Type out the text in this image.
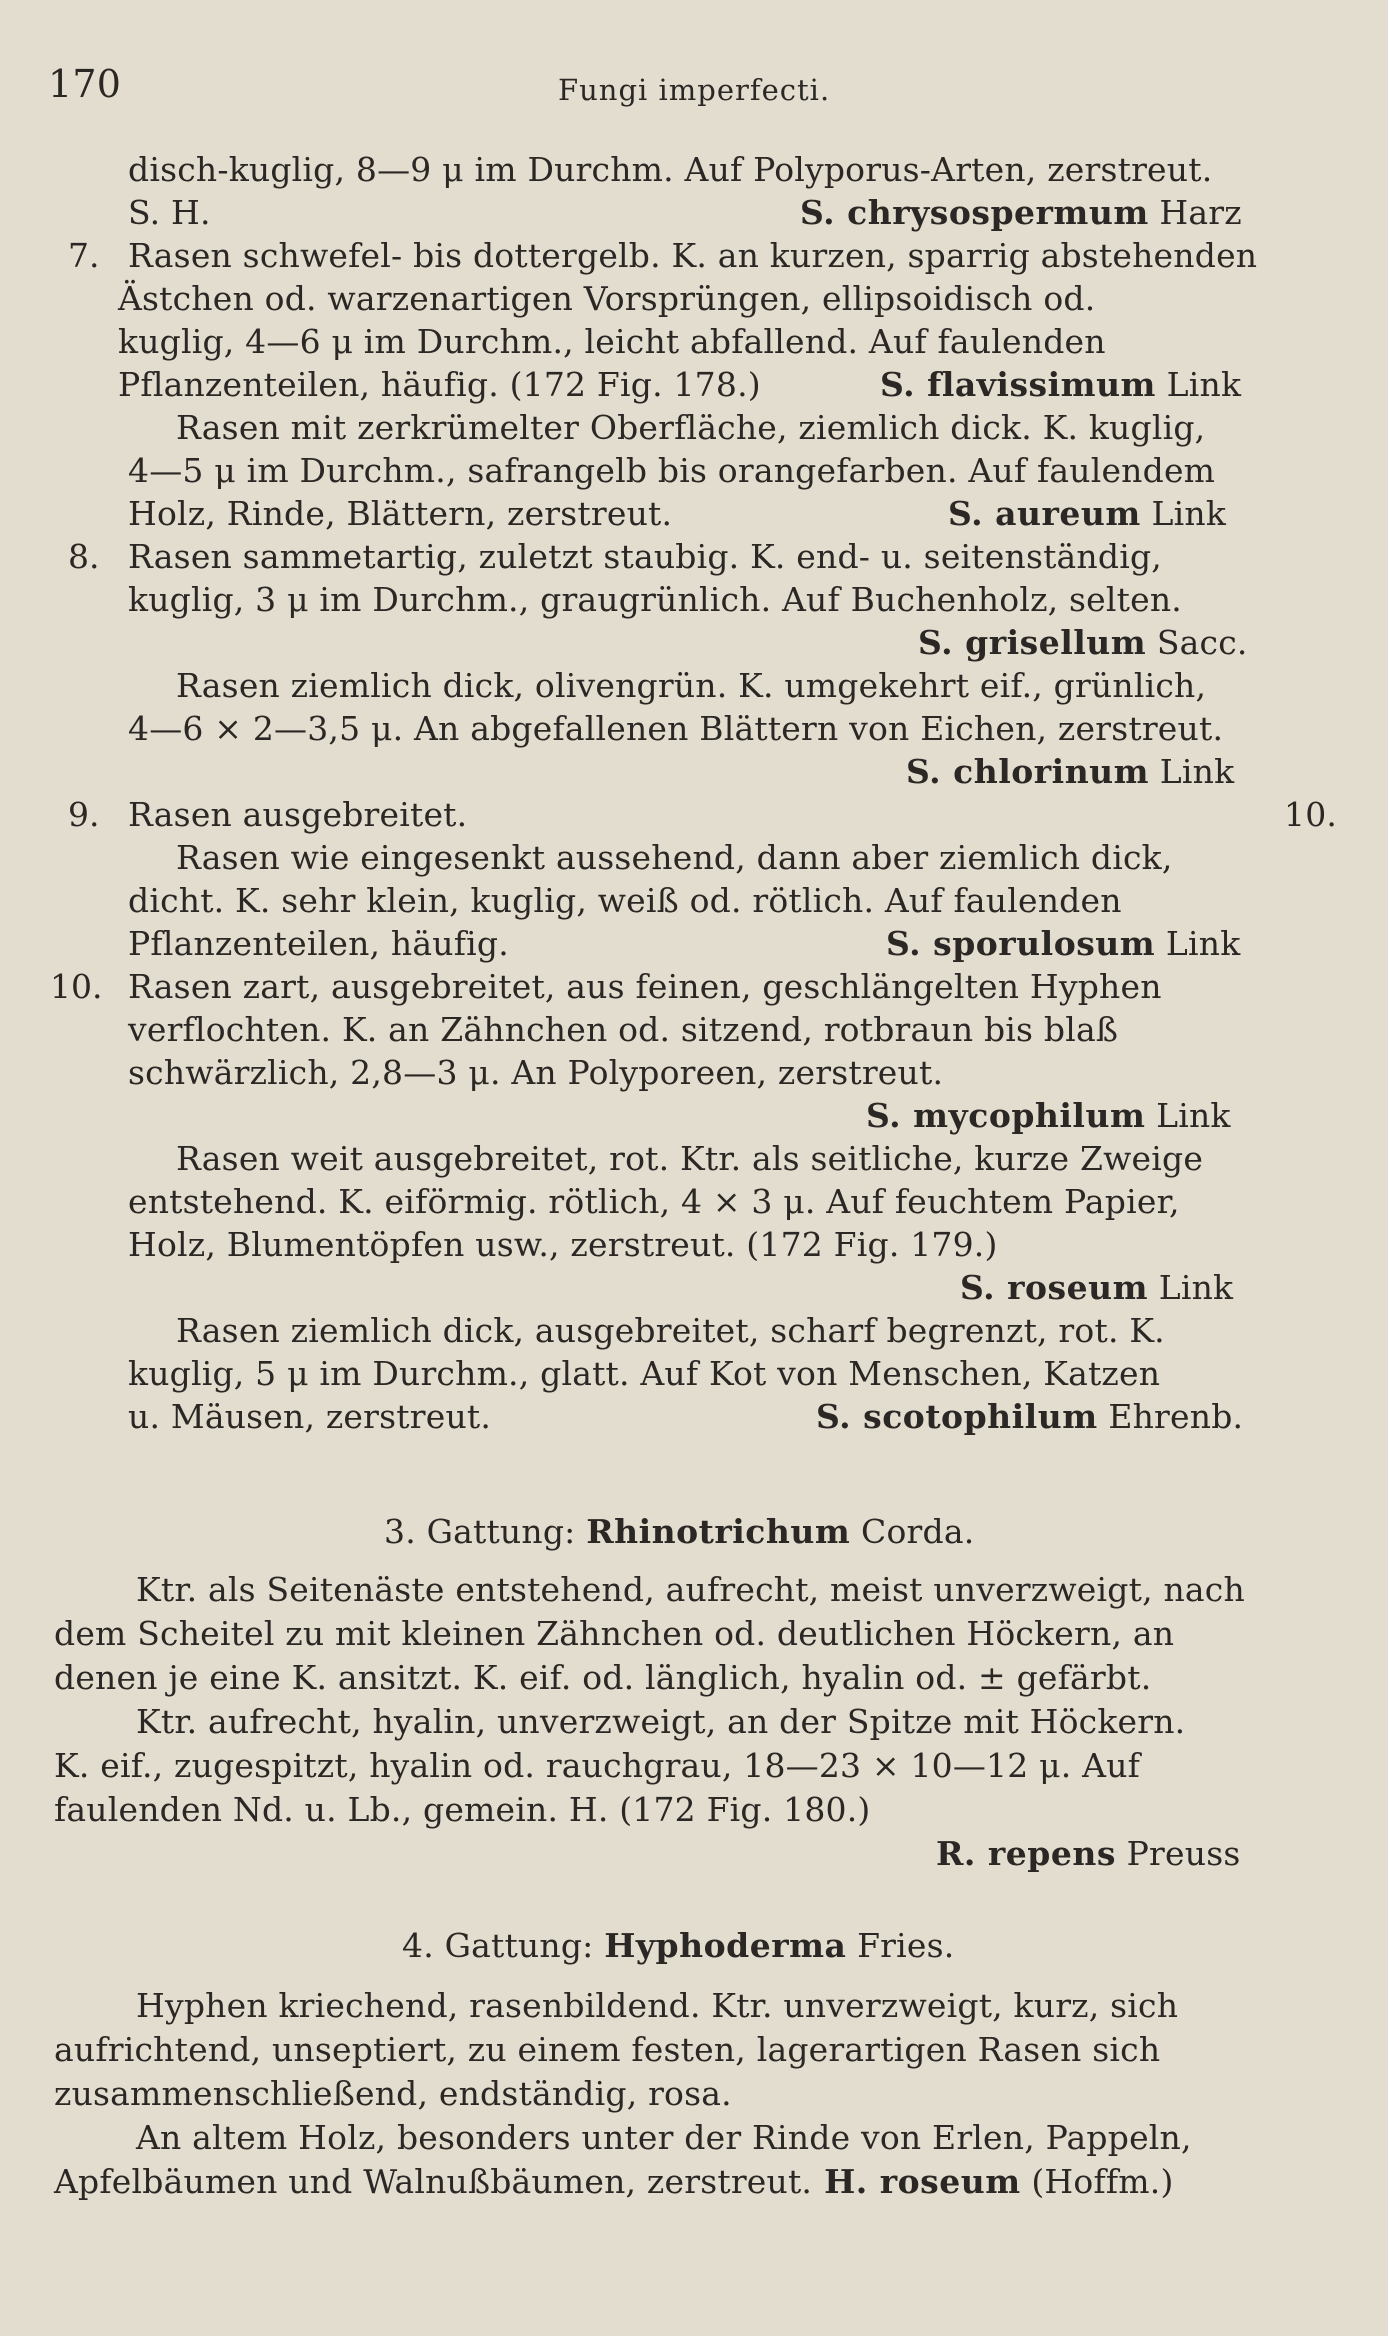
170	Fungi imperfecti.
disch-kuglig, 8—9 μ im Durchm. Auf Polyporus-Arten, zerstreut.
S. H.	S. chrysospermum Harz
7. Rasen schwefel- bis dottergelb. K. an kurzen, sparrig abstehenden
Ästchen od. warzenartigen Vorsprüngen, ellipsoidisch od.
kuglig, 4—6 μ im Durchm., leicht abfallend. Auf faulenden
Pflanzenteilen, häufig. (172 Fig. 178.)	S. flavissimum Link
Rasen mit zerkrümelter Oberfläche, ziemlich dick. K. kuglig,
4—5 μ im Durchm., safrangelb bis orangefarben. Auf faulendem
Holz, Rinde, Blättern, zerstreut.	S. aureum Link
8. Rasen sammetartig, zuletzt staubig. K. end- u. seitenständig,
kuglig, 3 μ im Durchm., graugrünlich. Auf Buchenholz, selten.
S. grisellum Sacc.
Rasen ziemlich dick, olivengrün. K. umgekehrt eif., grünlich,
4—6 × 2—3,5 μ. An abgefallenen Blättern von Eichen, zerstreut.
S. chlorinum Link
9. Rasen ausgebreitet.	10.
Rasen wie eingesenkt aussehend, dann aber ziemlich dick,
dicht. K. sehr klein, kuglig, weiß od. rötlich. Auf faulenden
Pflanzenteilen, häufig.	S. sporulosum Link
10. Rasen zart, ausgebreitet, aus feinen, geschlängelten Hyphen
verflochten. K. an Zähnchen od. sitzend, rotbraun bis blaß
schwärzlich, 2,8—3 μ. An Polyporeen, zerstreut.
S. mycophilum Link
Rasen weit ausgebreitet, rot. Ktr. als seitliche, kurze Zweige
entstehend. K. eiförmig. rötlich, 4 × 3 μ. Auf feuchtem Papier,
Holz, Blumentöpfen usw., zerstreut. (172 Fig. 179.)
S. roseum Link
Rasen ziemlich dick, ausgebreitet, scharf begrenzt, rot. K.
kuglig, 5 μ im Durchm., glatt. Auf Kot von Menschen, Katzen
u. Mäusen, zerstreut.	S. scotophilum Ehrenb.
3. Gattung: Rhinotrichum Corda.
Ktr. als Seitenäste entstehend, aufrecht, meist unverzweigt, nach
dem Scheitel zu mit kleinen Zähnchen od. deutlichen Höckern, an
denen je eine K. ansitzt. K. eif. od. länglich, hyalin od. ± gefärbt.
Ktr. aufrecht, hyalin, unverzweigt, an der Spitze mit Höckern.
K. eif., zugespitzt, hyalin od. rauchgrau, 18—23 × 10—12 μ. Auf
faulenden Nd. u. Lb., gemein. H. (172 Fig. 180.)
R. repens Preuss
4. Gattung: Hyphoderma Fries.
Hyphen kriechend, rasenbildend. Ktr. unverzweigt, kurz, sich
aufrichtend, unseptiert, zu einem festen, lagerartigen Rasen sich
zusammenschließend, endständig, rosa.
An altem Holz, besonders unter der Rinde von Erlen, Pappeln,
Apfelbäumen und Walnußbäumen, zerstreut. H. roseum (Hoffm.)
